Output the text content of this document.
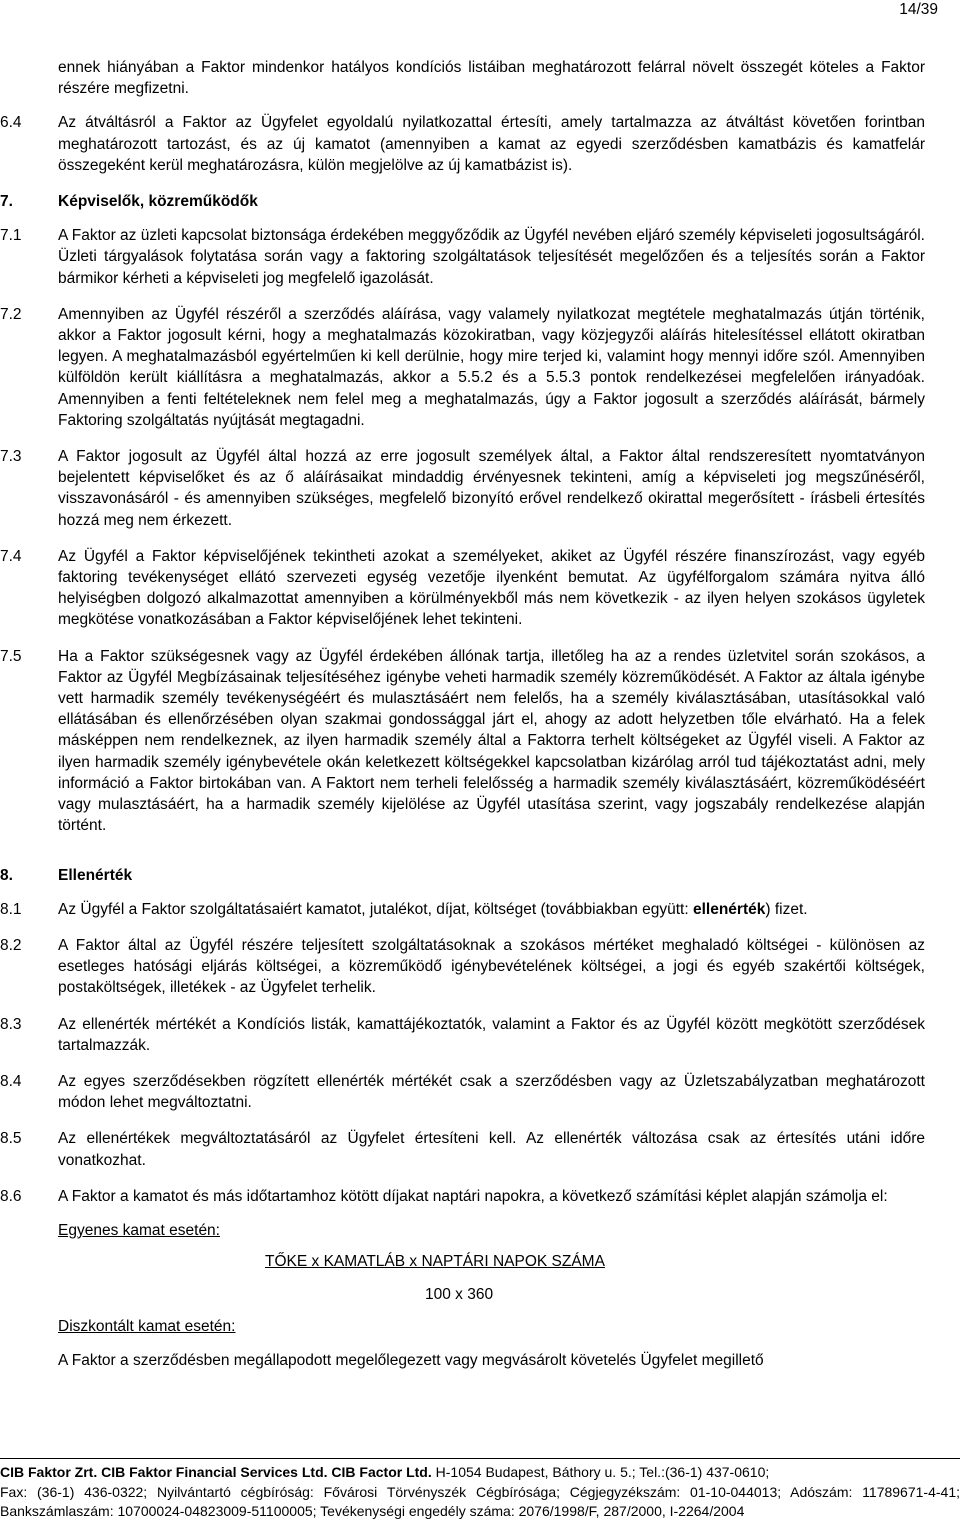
14/39

ennek hiányában a Faktor mindenkor hatályos kondíciós listáiban meghatározott felárral növelt összegét köteles a Faktor részére megfizetni.

6.4 Az átváltásról a Faktor az Ügyfelet egyoldalú nyilatkozattal értesíti, amely tartalmazza az átváltást követően forintban meghatározott tartozást, és az új kamatot (amennyiben a kamat az egyedi szerződésben kamatbázis és kamatfelár összegeként kerül meghatározásra, külön megjelölve az új kamatbázist is).

7.	Képviselők, közreműködők

7.1 A Faktor az üzleti kapcsolat biztonsága érdekében meggyőződik az Ügyfél nevében eljáró személy képviseleti jogosultságáról. Üzleti tárgyalások folytatása során vagy a faktoring szolgáltatások teljesítését megelőzően és a teljesítés során a Faktor bármikor kérheti a képviseleti jog megfelelő igazolását.

7.2 Amennyiben az Ügyfél részéről a szerződés aláírása, vagy valamely nyilatkozat megtétele meghatalmazás útján történik, akkor a Faktor jogosult kérni, hogy a meghatalmazás közokiratban, vagy közjegyzői aláírás hitelesítéssel ellátott okiratban legyen. A meghatalmazásból egyértelműen ki kell derülnie, hogy mire terjed ki, valamint hogy mennyi időre szól. Amennyiben külföldön került kiállításra a meghatalmazás, akkor a 5.5.2 és a 5.5.3 pontok rendelkezései megfelelően irányadóak. Amennyiben a fenti feltételeknek nem felel meg a meghatalmazás, úgy a Faktor jogosult a szerződés aláírását, bármely Faktoring szolgáltatás nyújtását megtagadni.

7.3 A Faktor jogosult az Ügyfél által hozzá az erre jogosult személyek által, a Faktor által rendszeresített nyomtatványon bejelentett képviselőket és az ő aláírásaikat mindaddig érvényesnek tekinteni, amíg a képviseleti jog megszűnéséről, visszavonásáról - és amennyiben szükséges, megfelelő bizonyító erővel rendelkező okirattal megerősített - írásbeli értesítés hozzá meg nem érkezett.

7.4 Az Ügyfél a Faktor képviselőjének tekintheti azokat a személyeket, akiket az Ügyfél részére finanszírozást, vagy egyéb faktoring tevékenységet ellátó szervezeti egység vezetője ilyenként bemutat. Az ügyfélforgalom számára nyitva álló helyiségben dolgozó alkalmazottat amennyiben a körülményekből más nem következik - az ilyen helyen szokásos ügyletek megkötése vonatkozásában a Faktor képviselőjének lehet tekinteni.

7.5 Ha a Faktor szükségesnek vagy az Ügyfél érdekében állónak tartja, illetőleg ha az a rendes üzletvitel során szokásos, a Faktor az Ügyfél Megbízásainak teljesítéséhez igénybe veheti harmadik személy közreműködését. A Faktor az általa igénybe vett harmadik személy tevékenységéért és mulasztásáért nem felelős, ha a személy kiválasztásában, utasításokkal való ellátásában és ellenőrzésében olyan szakmai gondossággal járt el, ahogy az adott helyzetben tőle elvárható. Ha a felek másképpen nem rendelkeznek, az ilyen harmadik személy által a Faktorra terhelt költségeket az Ügyfél viseli. A Faktor az ilyen harmadik személy igénybevétele okán keletkezett költségekkel kapcsolatban kizárólag arról tud tájékoztatást adni, mely információ a Faktor birtokában van. A Faktort nem terheli felelősség a harmadik személy kiválasztásáért, közreműködéséért vagy mulasztásáért, ha a harmadik személy kijelölése az Ügyfél utasítása szerint, vagy jogszabály rendelkezése alapján történt.

8.	Ellenérték

8.1 Az Ügyfél a Faktor szolgáltatásaiért kamatot, jutalékot, díjat, költséget (továbbiakban együtt: ellenérték) fizet.

8.2 A Faktor által az Ügyfél részére teljesített szolgáltatásoknak a szokásos mértéket meghaladó költségei - különösen az esetleges hatósági eljárás költségei, a közreműködő igénybevételének költségei, a jogi és egyéb szakértői költségek, postaköltségek, illetékek - az Ügyfelet terhelik.

8.3 Az ellenérték mértékét a Kondíciós listák, kamattájékoztatók, valamint a Faktor és az Ügyfél között megkötött szerződések tartalmazzák.

8.4 Az egyes szerződésekben rögzített ellenérték mértékét csak a szerződésben vagy az Üzletszabályzatban meghatározott módon lehet megváltoztatni.

8.5 Az ellenértékek megváltoztatásáról az Ügyfelet értesíteni kell. Az ellenérték változása csak az értesítés utáni időre vonatkozhat.

8.6 A Faktor a kamatot és más időtartamhoz kötött díjakat naptári napokra, a következő számítási képlet alapján számolja el:

Egyenes kamat esetén:
TŐKE x KAMATLÁB x NAPTÁRI NAPOK SZÁMA
100 x 360
Diszkontált kamat esetén:

A Faktor a szerződésben megállapodott megelőlegezett vagy megvásárolt követelés Ügyfelet megillető

CIB Faktor Zrt. CIB Faktor Financial Services Ltd. CIB Factor Ltd. H-1054 Budapest, Báthory u. 5.; Tel.:(36-1) 437-0610;
Fax: (36-1) 436-0322; Nyilvántartó cégbíróság: Fővárosi Törvényszék Cégbírósága; Cégjegyzékszám: 01-10-044013; Adószám: 11789671-4-41; Bankszámlaszám: 10700024-04823009-51100005; Tevékenységi engedély száma: 2076/1998/F, 287/2000, I-2264/2004
